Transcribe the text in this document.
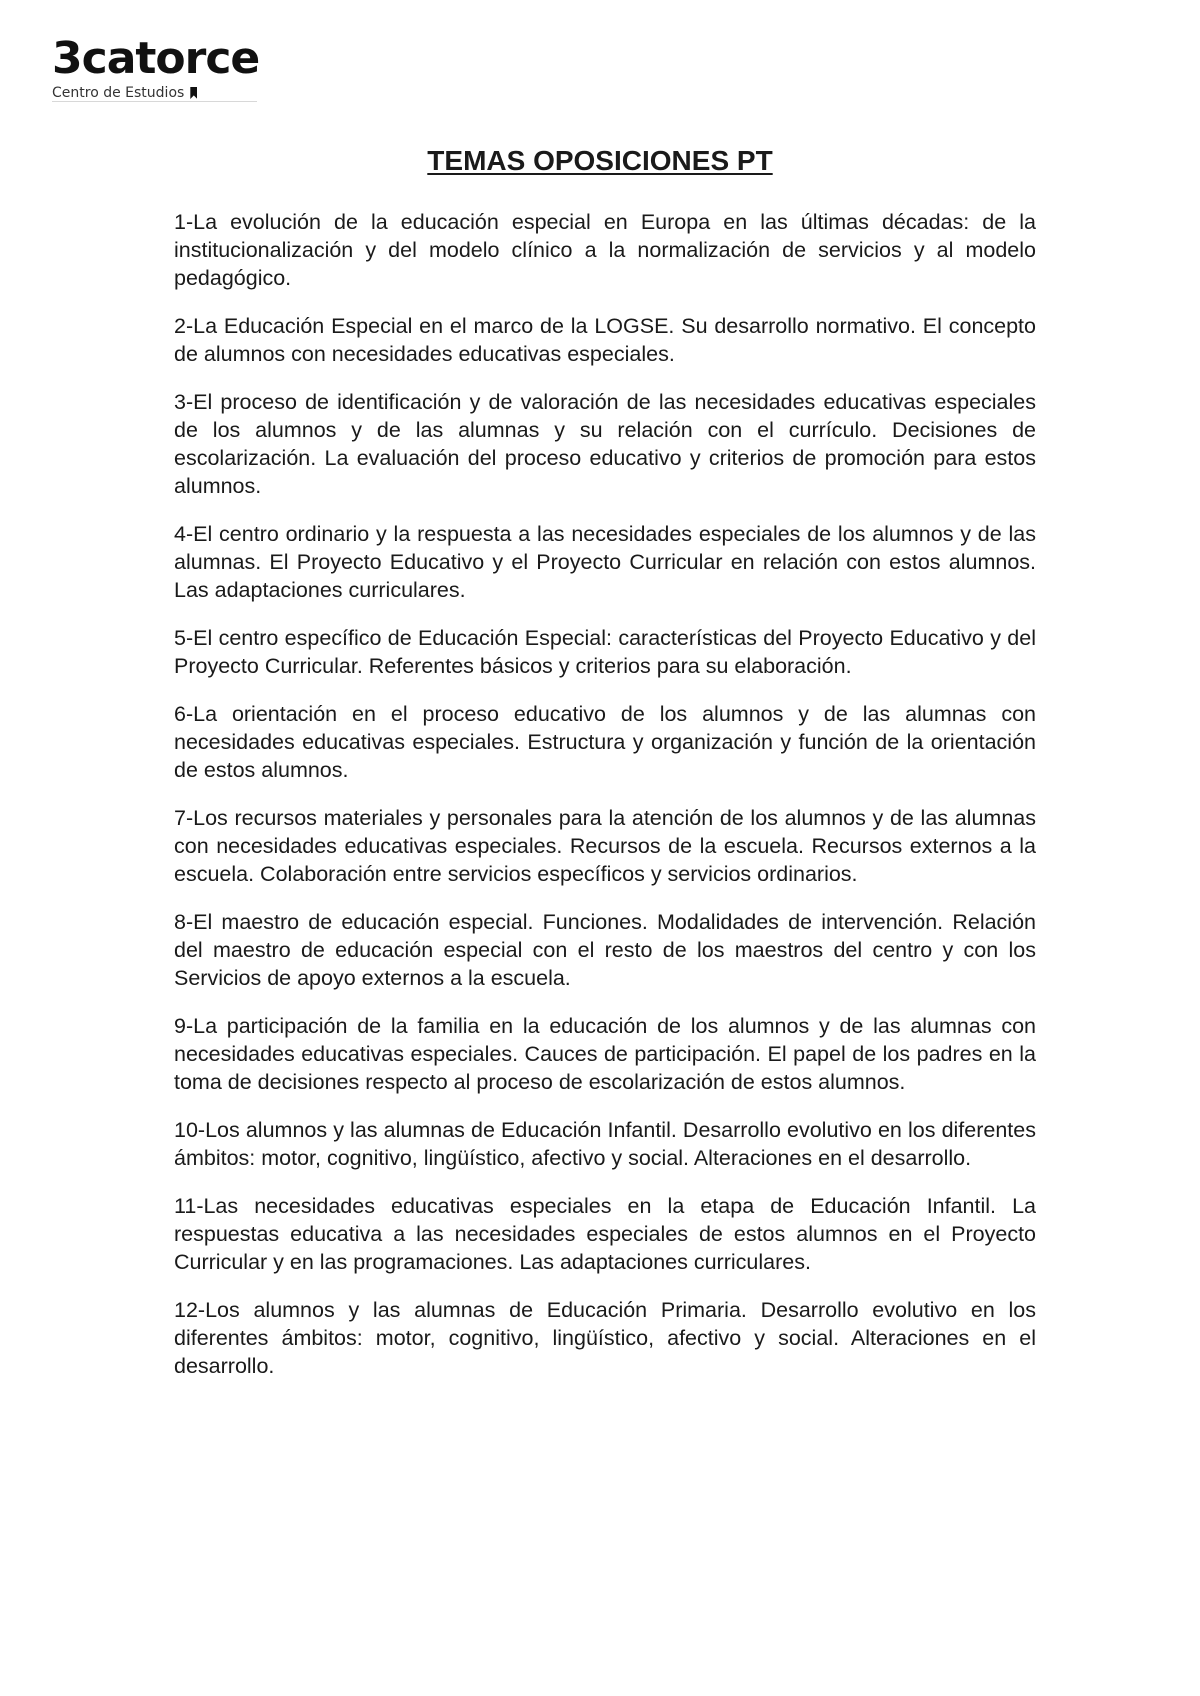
3catorce
Centro de Estudios
TEMAS OPOSICIONES PT

1-La evolución de la educación especial en Europa en las últimas décadas: de la institucionalización y del modelo clínico a la normalización de servicios y al modelo pedagógico.

2-La Educación Especial en el marco de la LOGSE. Su desarrollo normativo. El concepto de alumnos con necesidades educativas especiales.

3-El proceso de identificación y de valoración de las necesidades educativas especiales de los alumnos y de las alumnas y su relación con el currículo. Decisiones de escolarización. La evaluación del proceso educativo y criterios de promoción para estos alumnos.

4-El centro ordinario y la respuesta a las necesidades especiales de los alumnos y de las alumnas. El Proyecto Educativo y el Proyecto Curricular en relación con estos alumnos. Las adaptaciones curriculares.

5-El centro específico de Educación Especial: características del Proyecto Educativo y del Proyecto Curricular. Referentes básicos y criterios para su elaboración.

6-La orientación en el proceso educativo de los alumnos y de las alumnas con necesidades educativas especiales. Estructura y organización y función de la orientación de estos alumnos.

7-Los recursos materiales y personales para la atención de los alumnos y de las alumnas con necesidades educativas especiales. Recursos de la escuela. Recursos externos a la escuela. Colaboración entre servicios específicos y servicios ordinarios.

8-El maestro de educación especial. Funciones. Modalidades de intervención. Relación del maestro de educación especial con el resto de los maestros del centro y con los Servicios de apoyo externos a la escuela.

9-La participación de la familia en la educación de los alumnos y de las alumnas con necesidades educativas especiales. Cauces de participación. El papel de los padres en la toma de decisiones respecto al proceso de escolarización de estos alumnos.

10-Los alumnos y las alumnas de Educación Infantil. Desarrollo evolutivo en los diferentes ámbitos: motor, cognitivo, lingüístico, afectivo y social. Alteraciones en el desarrollo.

11-Las necesidades educativas especiales en la etapa de Educación Infantil. La respuestas educativa a las necesidades especiales de estos alumnos en el Proyecto Curricular y en las programaciones. Las adaptaciones curriculares.

12-Los alumnos y las alumnas de Educación Primaria. Desarrollo evolutivo en los diferentes ámbitos: motor, cognitivo, lingüístico, afectivo y social. Alteraciones en el desarrollo.
